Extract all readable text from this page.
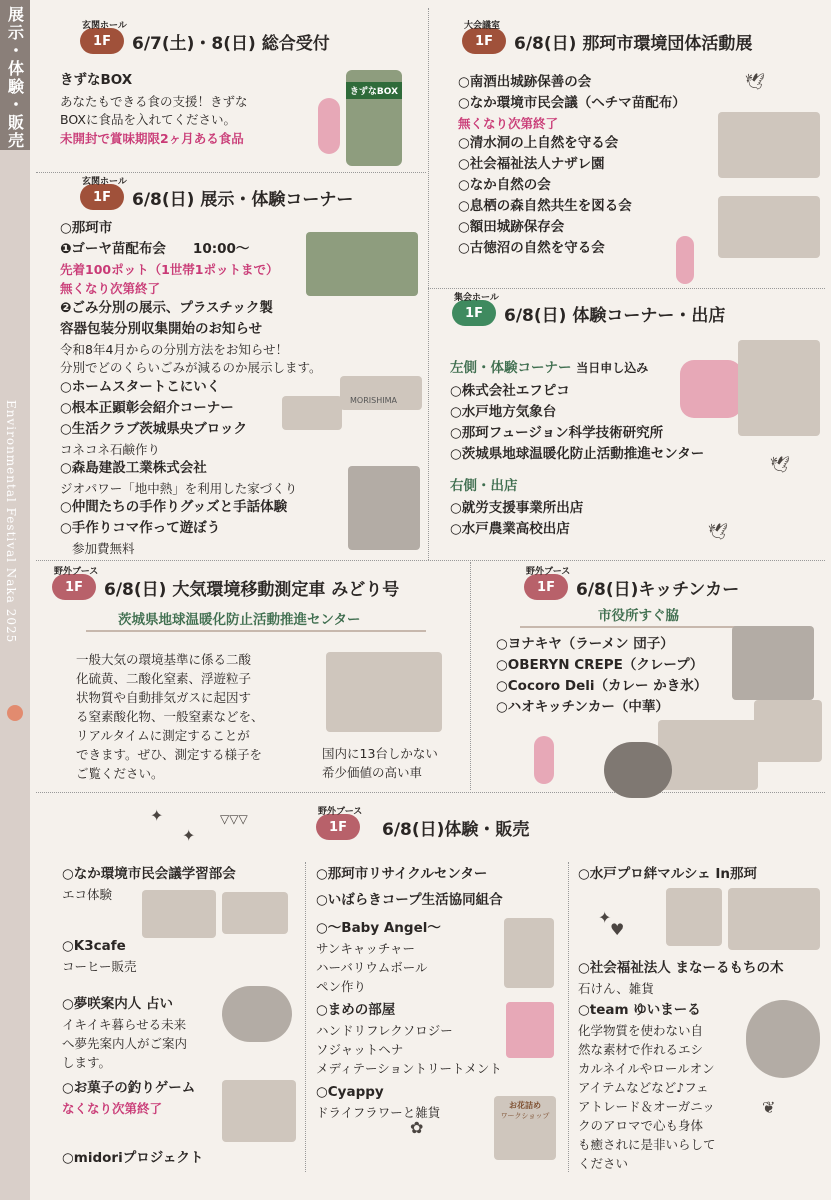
展示・体験・販売
Environmental Festival Naka 2025
玄関ホール
1F 6/7(土)・8(日) 総合受付
きずなBOX
あなたもできる食の支援！きずな
BOXに食品を入れてください。
未開封で賞味期限2ヶ月ある食品
きずなBOX
大会議室
1F 6/8(日) 那珂市環境団体活動展
○南酒出城跡保善の会
○なか環境市民会議（ヘチマ苗配布）
無くなり次第終了
○清水洞の上自然を守る会
○社会福祉法人ナザレ園
○なか自然の会
○息栖の森自然共生を図る会
○額田城跡保存会
○古徳沼の自然を守る会
🕊
玄関ホール
1F 6/8(日) 展示・体験コーナー
○那珂市
❶ゴーヤ苗配布会　　10:00〜
先着100ポット（1世帯1ポットまで）
無くなり次第終了
❷ごみ分別の展示、プラスチック製
容器包装分別収集開始のお知らせ
令和8年4月からの分別方法をお知らせ！
分別でどのくらいごみが減るのか展示します。
○ホームスタートこにいく
○根本正顕彰会紹介コーナー
○生活クラブ茨城県央ブロック
コネコネ石鹸作り
○森島建設工業株式会社
ジオパワー「地中熱」を利用した家づくり
○仲間たちの手作りグッズと手話体験
○手作りコマ作って遊ぼう
参加費無料
MORISHIMA
集会ホール
1F 6/8(日) 体験コーナー・出店
左側・体験コーナー 当日申し込み
○株式会社エフピコ
○水戸地方気象台
○那珂フュージョン科学技術研究所
○茨城県地球温暖化防止活動推進センター
右側・出店
○就労支援事業所出店
○水戸農業高校出店
🕊
🕊
野外ブース
1F 6/8(日) 大気環境移動測定車 みどり号
茨城県地球温暖化防止活動推進センター
一般大気の環境基準に係る二酸
化硫黄、二酸化窒素、浮遊粒子
状物質や自動排気ガスに起因す
る窒素酸化物、一般窒素などを、
リアルタイムに測定することが
できます。ぜひ、測定する様子を
ご覧ください。
国内に13台しかない
希少価値の高い車
野外ブース
1F 6/8(日)キッチンカー
市役所すぐ脇
○ヨナキヤ（ラーメン 団子）
○OBERYN CREPE（クレープ）
○Cocoro Deli（カレー かき氷）
○ハオキッチンカー（中華）
✦
✦
▽▽▽	野外ブース
1F 6/8(日)体験・販売
○なか環境市民会議学習部会
エコ体験
○K3cafe
コーヒー販売
○夢咲案内人 占い
イキイキ暮らせる未来
へ夢先案内人がご案内
します。
○お菓子の釣りゲーム
なくなり次第終了
○midoriプロジェクト
○那珂市リサイクルセンター
○いばらきコープ生活協同組合
○〜Baby Angel〜
サンキャッチャー
ハーバリウムボール
ペン作り
○まめの部屋
ハンドリフレクソロジー
ソジャットヘナ
メディテーショントリートメント
○Cyappy
ドライフラワーと雑貨	お花詰め
ワークショップ
✿
○水戸プロ絆マルシェ In那珂
✦
♥
○社会福祉法人 まなーるもちの木
石けん、雑貨
○team ゆいまーる
化学物質を使わない自
然な素材で作れるエシ
カルネイルやロールオン
アイテムなどなど♪フェ
アトレード＆オーガニッ
クのアロマで心も身体
も癒されに是非いらして
ください
❦
